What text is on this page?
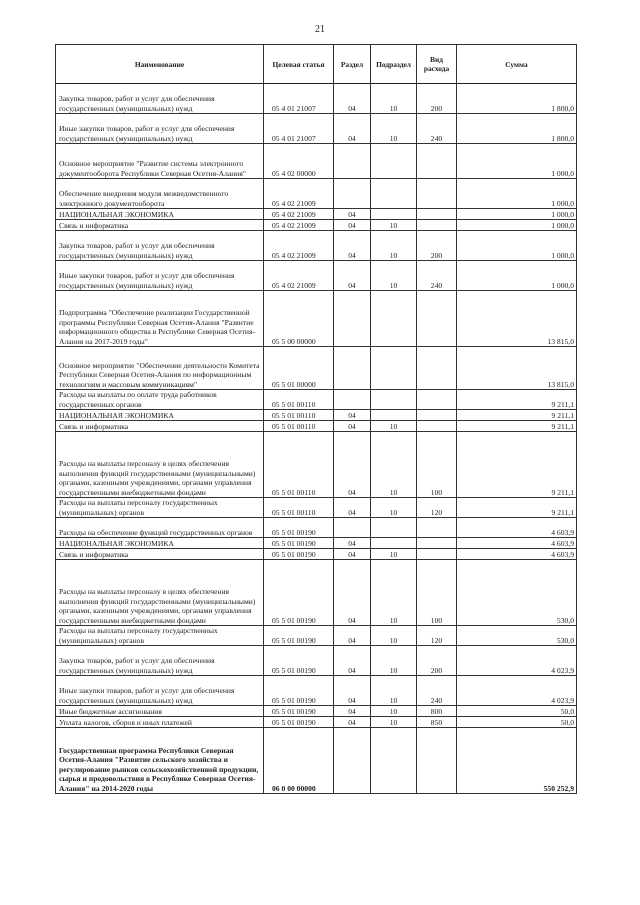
21
Наименование	Целевая статья	Раздел	Подраздел	Вид расхода	Сумма
Закупка товаров, работ и услуг для обеспечения государственных (муниципальных) нужд	05 4 01 21007	04	10	200	1 800,0
Иные закупки товаров, работ и услуг для обеспечения государственных (муниципальных) нужд	05 4 01 21007	04	10	240	1 800,0
Основное мероприятие "Развитие системы электронного документооборота Республики Северная Осетия-Алания"	05 4 02 00000				1 000,0
Обеспечение внедрения модуля межведомственного электронного документооборота	05 4 02 21009				1 000,0
НАЦИОНАЛЬНАЯ ЭКОНОМИКА	05 4 02 21009	04			1 000,0
Связь и информатика	05 4 02 21009	04	10		1 000,0
Закупка товаров, работ и услуг для обеспечения государственных (муниципальных) нужд	05 4 02 21009	04	10	200	1 000,0
Иные закупки товаров, работ и услуг для обеспечения государственных (муниципальных) нужд	05 4 02 21009	04	10	240	1 000,0
Подпрограмма "Обеспечение реализации Государственной программы Республики Северная Осетия-Алания "Развитие информационного общества в Республике Северная Осетия-Алания на 2017-2019 годы"	05 5 00 00000				13 815,0
Основное мероприятие "Обеспечение деятельности Комитета Республики Северная Осетия-Алания по информационным технологиям и массовым коммуникациям"	05 5 01 00000				13 815,0
Расходы на выплаты по оплате труда работников государственных органов	05 5 01 00110				9 211,1
НАЦИОНАЛЬНАЯ ЭКОНОМИКА	05 5 01 00110	04			9 211,1
Связь и информатика	05 5 01 00110	04	10		9 211,1
Расходы на выплаты персоналу в целях обеспечения выполнения функций государственными (муниципальными) органами, казенными учреждениями, органами управления государственными внебюджетными фондами	05 5 01 00110	04	10	100	9 211,1
Расходы на выплаты персоналу государственных (муниципальных) органов	05 5 01 00110	04	10	120	9 211,1
Расходы на обеспечение функций государственных органов	05 5 01 00190				4 603,9
НАЦИОНАЛЬНАЯ ЭКОНОМИКА	05 5 01 00190	04			4 603,9
Связь и информатика	05 5 01 00190	04	10		4 603,9
Расходы на выплаты персоналу в целях обеспечения выполнения функций государственными (муниципальными) органами, казенными учреждениями, органами управления государственными внебюджетными фондами	05 5 01 00190	04	10	100	530,0
Расходы на выплаты персоналу государственных (муниципальных) органов	05 5 01 00190	04	10	120	530,0
Закупка товаров, работ и услуг для обеспечения государственных (муниципальных) нужд	05 5 01 00190	04	10	200	4 023,9
Иные закупки товаров, работ и услуг для обеспечения государственных (муниципальных) нужд	05 5 01 00190	04	10	240	4 023,9
Иные бюджетные ассигнования	05 5 01 00190	04	10	800	50,0
Уплата налогов, сборов и иных платежей	05 5 01 00190	04	10	850	50,0
Государственная программа Республики Северная Осетия-Алания "Развитие сельского хозяйства и регулирование рынков сельскохозяйственной продукции, сырья и продовольствия в Республике Северная Осетия-Алания" на 2014-2020 годы	06 0 00 00000				550 252,9
